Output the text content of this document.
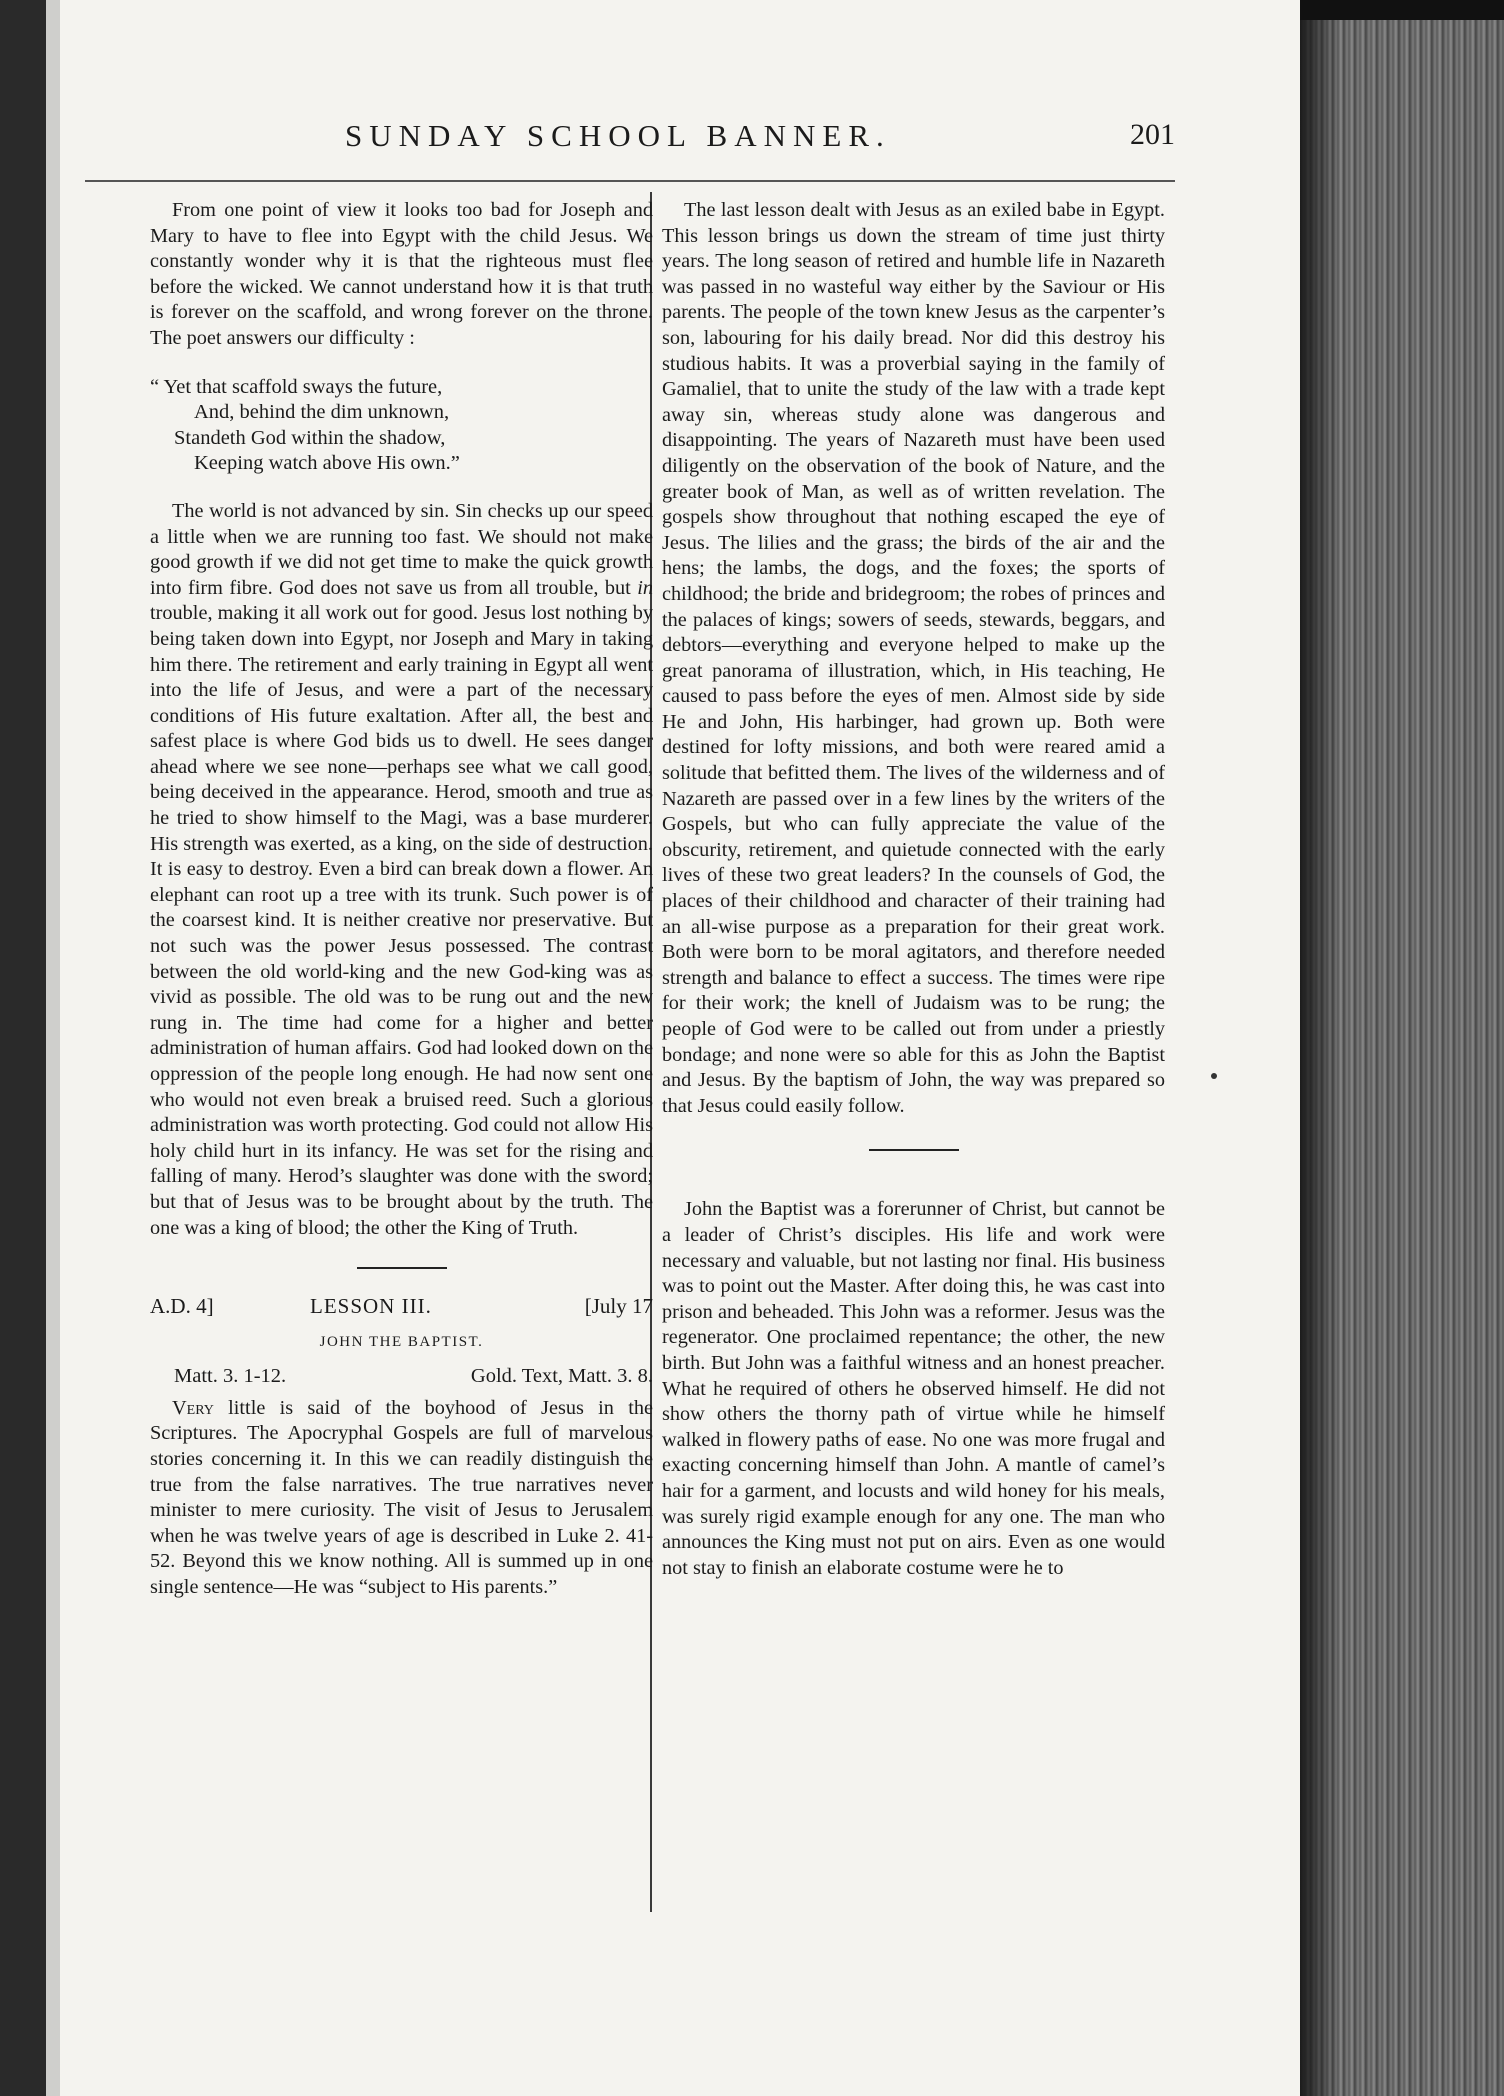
SUNDAY SCHOOL BANNER.	201

From one point of view it looks too bad for Joseph and Mary to have to flee into Egypt with the child Jesus. We constantly wonder why it is that the righteous must flee before the wicked. We cannot understand how it is that truth is forever on the scaffold, and wrong forever on the throne. The poet answers our difficulty :

“ Yet that scaffold sways the future,
And, behind the dim unknown,
Standeth God within the shadow,
Keeping watch above His own.”

The world is not advanced by sin. Sin checks up our speed a little when we are running too fast. We should not make good growth if we did not get time to make the quick growth into firm fibre. God does not save us from all trouble, but in trouble, making it all work out for good. Jesus lost nothing by being taken down into Egypt, nor Joseph and Mary in taking him there. The retirement and early training in Egypt all went into the life of Jesus, and were a part of the necessary conditions of His future exaltation. After all, the best and safest place is where God bids us to dwell. He sees danger ahead where we see none—perhaps see what we call good, being deceived in the appearance. Herod, smooth and true as he tried to show himself to the Magi, was a base murderer. His strength was exerted, as a king, on the side of destruction. It is easy to destroy. Even a bird can break down a flower. An elephant can root up a tree with its trunk. Such power is of the coarsest kind. It is neither creative nor preservative. But not such was the power Jesus possessed. The contrast between the old world-king and the new God-king was as vivid as possible. The old was to be rung out and the new rung in. The time had come for a higher and better administration of human affairs. God had looked down on the oppression of the people long enough. He had now sent one who would not even break a bruised reed. Such a glorious administration was worth protecting. God could not allow His holy child hurt in its infancy. He was set for the rising and falling of many. Herod’s slaughter was done with the sword; but that of Jesus was to be brought about by the truth. The one was a king of blood; the other the King of Truth.

A.D. 4]	LESSON III.	[July 17
JOHN THE BAPTIST.
Matt. 3. 1-12.	Gold. Text, Matt. 3. 8.

Very little is said of the boyhood of Jesus in the Scriptures. The Apocryphal Gospels are full of marvelous stories concerning it. In this we can readily distinguish the true from the false narratives. The true narratives never minister to mere curiosity. The visit of Jesus to Jerusalem when he was twelve years of age is described in Luke 2. 41-52. Beyond this we know nothing. All is summed up in one single sentence—He was “subject to His parents.”

The last lesson dealt with Jesus as an exiled babe in Egypt. This lesson brings us down the stream of time just thirty years. The long season of retired and humble life in Nazareth was passed in no wasteful way either by the Saviour or His parents. The people of the town knew Jesus as the carpenter’s son, labouring for his daily bread. Nor did this destroy his studious habits. It was a proverbial saying in the family of Gamaliel, that to unite the study of the law with a trade kept away sin, whereas study alone was dangerous and disappointing. The years of Nazareth must have been used diligently on the observation of the book of Nature, and the greater book of Man, as well as of written revelation. The gospels show throughout that nothing escaped the eye of Jesus. The lilies and the grass; the birds of the air and the hens; the lambs, the dogs, and the foxes; the sports of childhood; the bride and bridegroom; the robes of princes and the palaces of kings; sowers of seeds, stewards, beggars, and debtors—everything and everyone helped to make up the great panorama of illustration, which, in His teaching, He caused to pass before the eyes of men. Almost side by side He and John, His harbinger, had grown up. Both were destined for lofty missions, and both were reared amid a solitude that befitted them. The lives of the wilderness and of Nazareth are passed over in a few lines by the writers of the Gospels, but who can fully appreciate the value of the obscurity, retirement, and quietude connected with the early lives of these two great leaders? In the counsels of God, the places of their childhood and character of their training had an all-wise purpose as a preparation for their great work. Both were born to be moral agitators, and therefore needed strength and balance to effect a success. The times were ripe for their work; the knell of Judaism was to be rung; the people of God were to be called out from under a priestly bondage; and none were so able for this as John the Baptist and Jesus. By the baptism of John, the way was prepared so that Jesus could easily follow.

John the Baptist was a forerunner of Christ, but cannot be a leader of Christ’s disciples. His life and work were necessary and valuable, but not lasting nor final. His business was to point out the Master. After doing this, he was cast into prison and beheaded. This John was a reformer. Jesus was the regenerator. One proclaimed repentance; the other, the new birth. But John was a faithful witness and an honest preacher. What he required of others he observed himself. He did not show others the thorny path of virtue while he himself walked in flowery paths of ease. No one was more frugal and exacting concerning himself than John. A mantle of camel’s hair for a garment, and locusts and wild honey for his meals, was surely rigid example enough for any one. The man who announces the King must not put on airs. Even as one would not stay to finish an elaborate costume were he to
